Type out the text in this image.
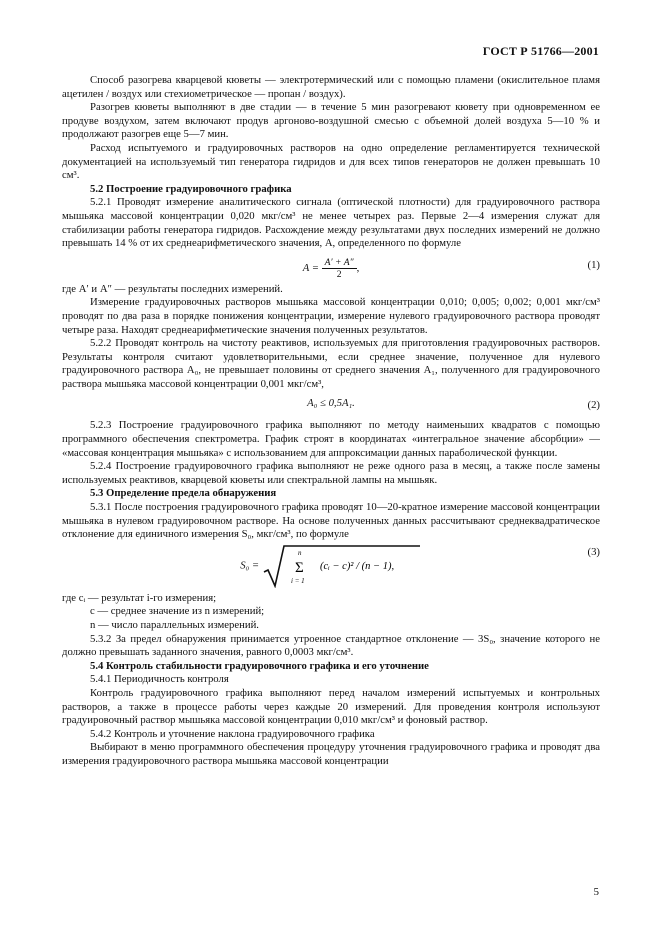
ГОСТ Р 51766—2001

Способ разогрева кварцевой кюветы — электротермический или с помощью пламени (окислительное пламя ацетилен / воздух или стехиометрическое — пропан / воздух).

Разогрев кюветы выполняют в две стадии — в течение 5 мин разогревают кювету при одновременном ее продуве воздухом, затем включают продув аргоново-воздушной смесью с объемной долей воздуха 5—10 % и продолжают разогрев еще 5—7 мин.

Расход испытуемого и градуировочных растворов на одно определение регламентируется технической документацией на используемый тип генератора гидридов и для всех типов генераторов не должен превышать 10 см³.

5.2 Построение градуировочного графика

5.2.1 Проводят измерение аналитического сигнала (оптической плотности) для градуировочного раствора мышьяка массовой концентрации 0,020 мкг/см³ не менее четырех раз. Первые 2—4 измерения служат для стабилизации работы генератора гидридов. Расхождение между результатами двух последних измерений не должно превышать 14 % от их среднеарифметического значения, А, определенного по формуле

$A = \frac{A' + A''}{2}$ ,	(1)

где A′ и A″ — результаты последних измерений.

Измерение градуировочных растворов мышьяка массовой концентрации 0,010; 0,005; 0,002; 0,001 мкг/см³ проводят по два раза в порядке понижения концентрации, измерение нулевого градуировочного раствора проводят четыре раза. Находят среднеарифметические значения полученных результатов.

5.2.2 Проводят контроль на чистоту реактивов, используемых для приготовления градуировочных растворов. Результаты контроля считают удовлетворительными, если среднее значение, полученное для нулевого градуировочного раствора A₀, не превышает половины от среднего значения A₁, полученного для градуировочного раствора мышьяка массовой концентрации 0,001 мкг/см³,

A₀ ≤ 0,5A₁.	(2)

5.2.3 Построение градуировочного графика выполняют по методу наименьших квадратов с помощью программного обеспечения спектрометра. График строят в координатах «интегральное значение абсорбции» — «массовая концентрация мышьяка» с использованием для аппроксимации данных параболической функции.

5.2.4 Построение градуировочного графика выполняют не реже одного раза в месяц, а также после замены используемых реактивов, кварцевой кюветы или спектральной лампы на мышьяк.

5.3 Определение предела обнаружения

5.3.1 После построения градуировочного графика проводят 10—20-кратное измерение массовой концентрации мышьяка в нулевом градуировочном растворе. На основе полученных данных рассчитывают среднеквадратическое отклонение для единичного измерения S₀, мкг/см³, по формуле

S₀ =
n
Σ
i = 1
(cᵢ − c)² / (n − 1),
(3)

где cᵢ — результат i-го измерения;

c — среднее значение из n измерений;

n — число параллельных измерений.

5.3.2 За предел обнаружения принимается утроенное стандартное отклонение — 3S₀, значение которого не должно превышать заданного значения, равного 0,0003 мкг/см³.

5.4 Контроль стабильности градуировочного графика и его уточнение

5.4.1 Периодичность контроля

Контроль градуировочного графика выполняют перед началом измерений испытуемых и контрольных растворов, а также в процессе работы через каждые 20 измерений. Для проведения контроля используют градуировочный раствор мышьяка массовой концентрации 0,010 мкг/см³ и фоновый раствор.

5.4.2 Контроль и уточнение наклона градуировочного графика

Выбирают в меню программного обеспечения процедуру уточнения градуировочного графика и проводят два измерения градуировочного раствора мышьяка массовой концентрации

5
